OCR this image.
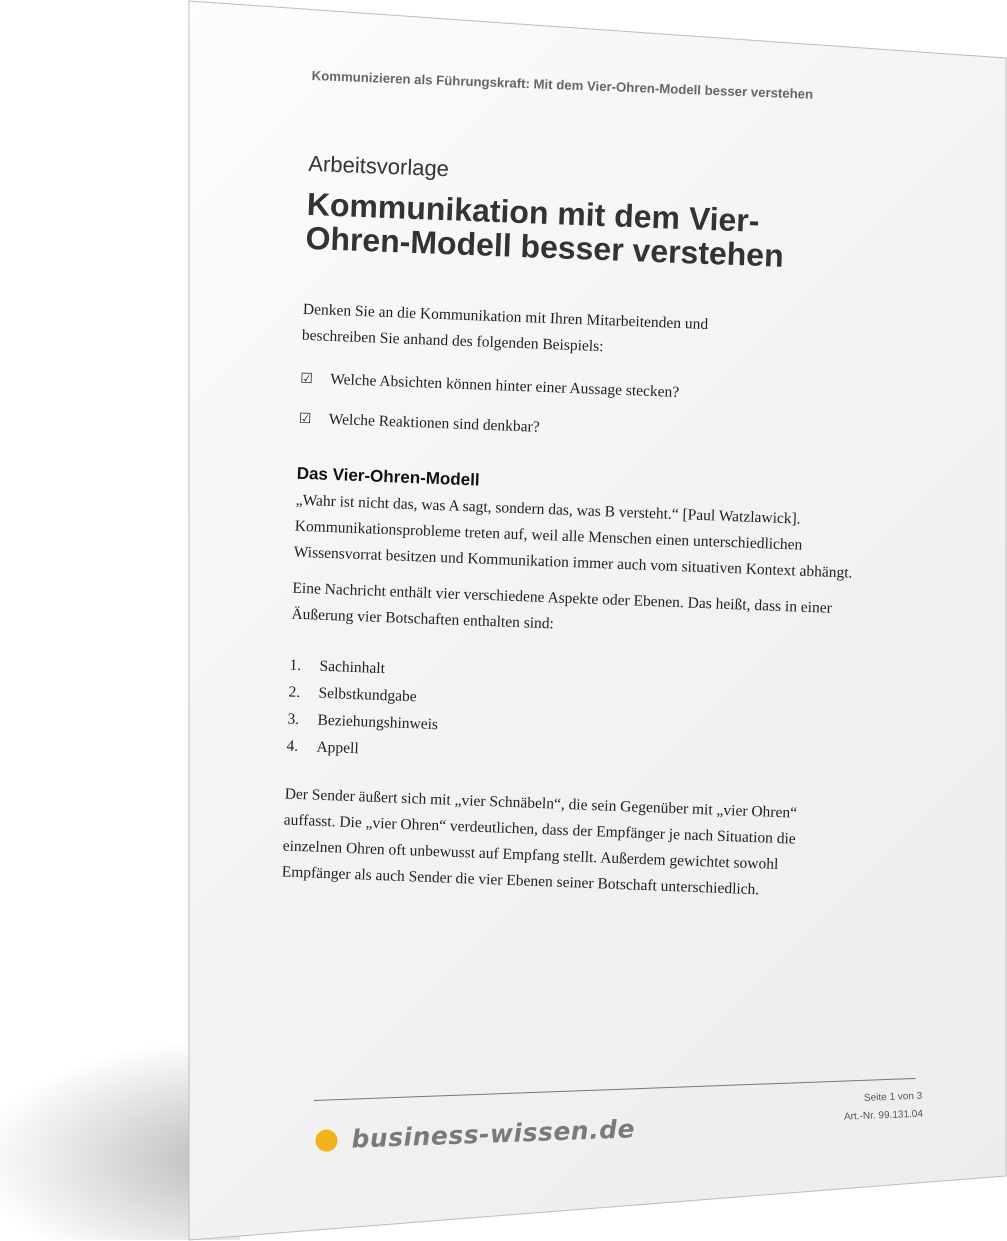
Kommunizieren als Führungskraft: Mit dem Vier-Ohren-Modell besser verstehen

Arbeitsvorlage

Kommunikation mit dem Vier-Ohren-Modell besser verstehen

Denken Sie an die Kommunikation mit Ihren Mitarbeitenden und beschreiben Sie anhand des folgenden Beispiels:

☑	Welche Absichten können hinter einer Aussage stecken?
☑	Welche Reaktionen sind denkbar?
Das Vier-Ohren-Modell

„Wahr ist nicht das, was A sagt, sondern das, was B versteht.“ [Paul Watzlawick]. Kommunikationsprobleme treten auf, weil alle Menschen einen unterschiedlichen Wissensvorrat besitzen und Kommunikation immer auch vom situativen Kontext abhängt.

Eine Nachricht enthält vier verschiedene Aspekte oder Ebenen. Das heißt, dass in einer Äußerung vier Botschaften enthalten sind:

1.	Sachinhalt
2.	Selbstkundgabe
3.	Beziehungshinweis
4.	Appell

Der Sender äußert sich mit „vier Schnäbeln“, die sein Gegenüber mit „vier Ohren“ auffasst. Die „vier Ohren“ verdeutlichen, dass der Empfänger je nach Situation die einzelnen Ohren oft unbewusst auf Empfang stellt. Außerdem gewichtet sowohl Empfänger als auch Sender die vier Ebenen seiner Botschaft unterschiedlich.

Seite 1 von 3
Art.-Nr. 99.131.04
business-wissen.de
